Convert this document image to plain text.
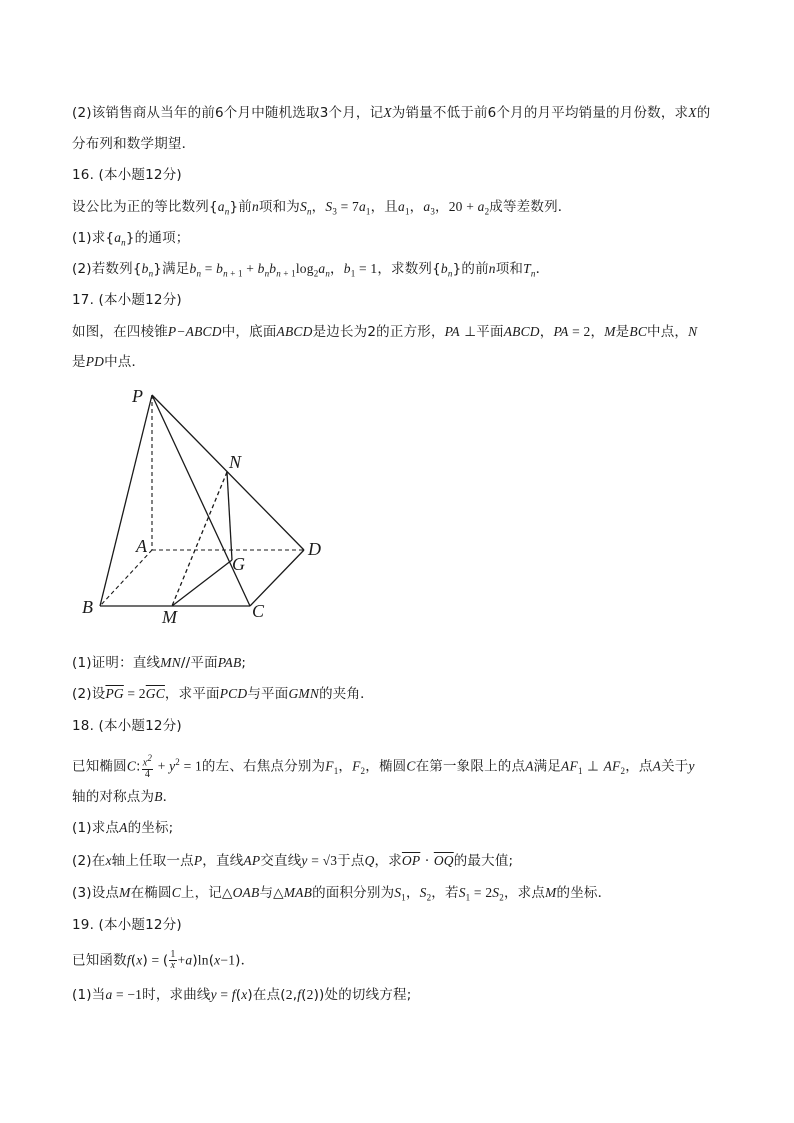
(2)该销售商从当年的前6个月中随机选取3个月，记X为销量不低于前6个月的月平均销量的月份数，求X的
分布列和数学期望．
16. (本小题12分)
设公比为正的等比数列$\{a_n\}$前n项和为$S_n$，$S_3 = 7a_1$，且$a_1$，$a_3$，$20 + a_2$成等差数列．
(1)求$\{a_n\}$的通项；
(2)若数列$\{b_n\}$满足$b_n = b_n$ $_{+ 1} + b_nb_n$ $_{+ 1}\log_2a_n$，$b_1 = 1$，求数列$\{b_n\}$的前n项和$T_n$．
17. (本小题12分)
如图，在四棱锥P−ABCD中，底面ABCD是边长为2的正方形，PA ⊥平面ABCD，PA = 2，M是BC中点，N
是PD中点．
P
N
A	D
G
B	M	C
(1)证明：直线MN//平面PAB;
(2)设$\overline{PG} = 2\overline{GC}$，求平面PCD与平面GMN的夹角．
18. (本小题12分)
已知椭圆C: $\frac{x^2}{4} + y^2 = 1$的左、右焦点分别为$F_1$，$F_2$，椭圆C在第一象限上的点A满足$AF_1$ ⊥ $AF_2$，点A关于y
轴的对称点为B．
(1)求点A的坐标;
(2)在x轴上任取一点P，直线AP交直线y = √3于点Q，求$\overline{OP} \cdot \overline{OQ}$的最大值;
(3)设点M在椭圆C上，记△OAB与△MAB的面积分别为$S_1$，$S_2$，若$S_1 = 2S_2$，求点M的坐标．
19. (本小题12分)
已知函数f(x) = ( $\frac{1}{x} +a)\ln(x-1)$．
(1)当a = −1时，求曲线y = f(x)在点(2,f(2))处的切线方程;
